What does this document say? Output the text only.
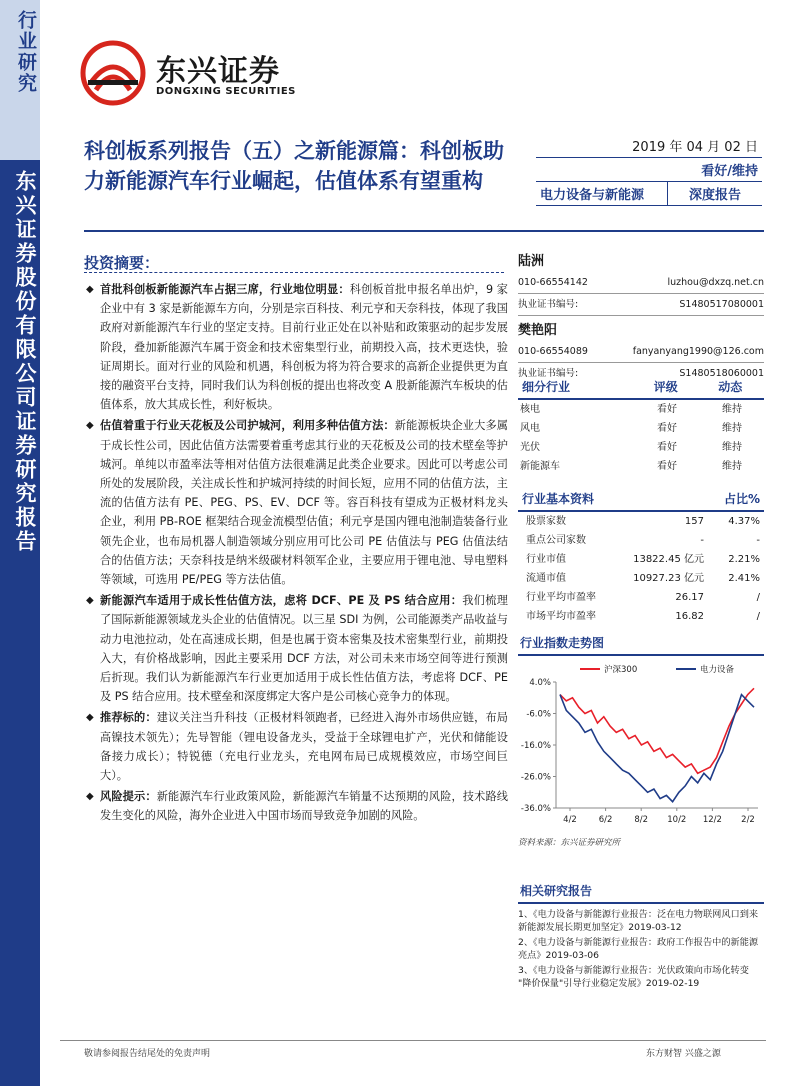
行业研究
东兴证券股份有限公司证券研究报告
东兴证券
DONGXING SECURITIES
科创板系列报告（五）之新能源篇：科创板助力新能源汽车行业崛起，估值体系有望重构
2019 年 04 月 02 日
看好/维持
电力设备与新能源	深度报告
投资摘要：
◆ 首批科创板新能源汽车占据三席，行业地位明显：科创板首批申报名单出炉，9 家企业中有 3 家是新能源车方向，分别是宗百科技、利元亨和天奈科技，体现了我国政府对新能源汽车行业的坚定支持。目前行业正处在以补贴和政策驱动的起步发展阶段，叠加新能源汽车属于资金和技术密集型行业，前期投入高，技术更迭快，验证周期长。面对行业的风险和机遇，科创板为将为符合要求的高新企业提供更为直接的融资平台支持，同时我们认为科创板的提出也将改变 A 股新能源汽车板块的估值体系，放大其成长性，利好板块。
◆ 估值着重于行业天花板及公司护城河，利用多种估值方法：新能源板块企业大多属于成长性公司，因此估值方法需要着重考虑其行业的天花板及公司的技术壁垒等护城河。单纯以市盈率法等相对估值方法很难满足此类企业要求。因此可以考虑公司所处的发展阶段，关注成长性和护城河持续的时间长短，应用不同的估值方法，主流的估值方法有 PE、PEG、PS、EV、DCF 等。容百科技有望成为正极材料龙头企业，利用 PB-ROE 框架结合现金流模型估值；利元亨是国内锂电池制造装备行业领先企业，也布局机器人制造领域分别应用可比公司 PE 估值法与 PEG 估值法结合的估值方法；天奈科技是纳米级碳材料领军企业，主要应用于锂电池、导电塑料等领域，可选用 PE/PEG 等方法估值。
◆ 新能源汽车适用于成长性估值方法，虑将 DCF、PE 及 PS 结合应用：我们梳理了国际新能源领域龙头企业的估值情况。以三星 SDI 为例，公司能源类产品收益与动力电池拉动，处在高速成长期，但是也属于资本密集及技术密集型行业，前期投入大，有价格战影响，因此主要采用 DCF 方法，对公司未来市场空间等进行预测后折现。我们认为新能源汽车行业更加适用于成长性估值方法，考虑将 DCF、PE 及 PS 结合应用。技术壁垒和深度绑定大客户是公司核心竞争力的体现。
◆ 推荐标的：建议关注当升科技（正极材料领跑者，已经进入海外市场供应链，布局高镍技术领先）；先导智能（锂电设备龙头，受益于全球锂电扩产，光伏和储能设备接力成长）；特锐德（充电行业龙头，充电网布局已成规模效应，市场空间巨大）。
◆ 风险提示：新能源汽车行业政策风险，新能源汽车销量不达预期的风险，技术路线发生变化的风险，海外企业进入中国市场而导致竞争加剧的风险。
陆洲
010-66554142	luzhou@dxzq.net.cn
执业证书编号:	S1480517080001
樊艳阳
010-66554089	fanyanyang1990@126.com
执业证书编号:	S1480518060001
细分行业	评级	动态
核电	看好	维持
风电	看好	维持
光伏	看好	维持
新能源车	看好	维持
行业基本资料	占比%
股票家数	157	4.37%
重点公司家数	-	-
行业市值	13822.45 亿元	2.21%
流通市值	10927.23 亿元	2.41%
行业平均市盈率	26.17	/
市场平均市盈率	16.82	/
行业指数走势图
4.0%
-6.0%
-16.0%
-26.0%
-36.0%
4/2	6/2	8/2 10/2 12/2 2/2
沪深300	电力设备
资料来源：东兴证券研究所
相关研究报告
1、《电力设备与新能源行业报告：泛在电力物联网风口到来 新能源发展长期更加坚定》2019-03-12
2、《电力设备与新能源行业报告：政府工作报告中的新能源亮点》2019-03-06
3、《电力设备与新能源行业报告：光伏政策向市场化转变 "降价保量"引导行业稳定发展》2019-02-19
敬请参阅报告结尾处的免责声明	东方财智 兴盛之源
